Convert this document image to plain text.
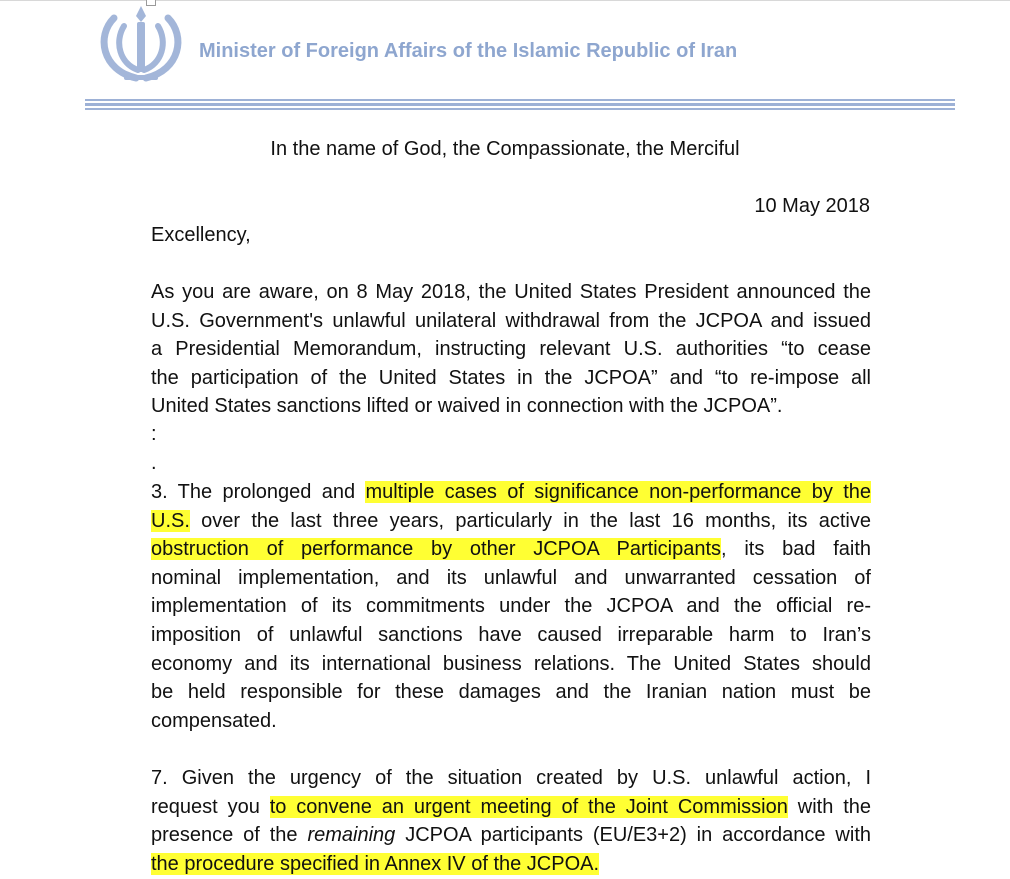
Minister of Foreign Affairs of the Islamic Republic of Iran
In the name of God, the Compassionate, the Merciful
10 May 2018
Excellency,
As you are aware, on 8 May 2018, the United States President announced the
U.S. Government's unlawful unilateral withdrawal from the JCPOA and issued
a Presidential Memorandum, instructing relevant U.S. authorities “to cease
the participation of the United States in the JCPOA” and “to re-impose all
United States sanctions lifted or waived in connection with the JCPOA”.
:
.
3. The prolonged and multiple cases of significance non-performance by the
U.S. over the last three years, particularly in the last 16 months, its active
obstruction of performance by other JCPOA Participants, its bad faith
nominal implementation, and its unlawful and unwarranted cessation of
implementation of its commitments under the JCPOA and the official re-
imposition of unlawful sanctions have caused irreparable harm to Iran’s
economy and its international business relations. The United States should
be held responsible for these damages and the Iranian nation must be
compensated.
7. Given the urgency of the situation created by U.S. unlawful action, I
request you to convene an urgent meeting of the Joint Commission with the
presence of the remaining JCPOA participants (EU/E3+2) in accordance with
the procedure specified in Annex IV of the JCPOA.
